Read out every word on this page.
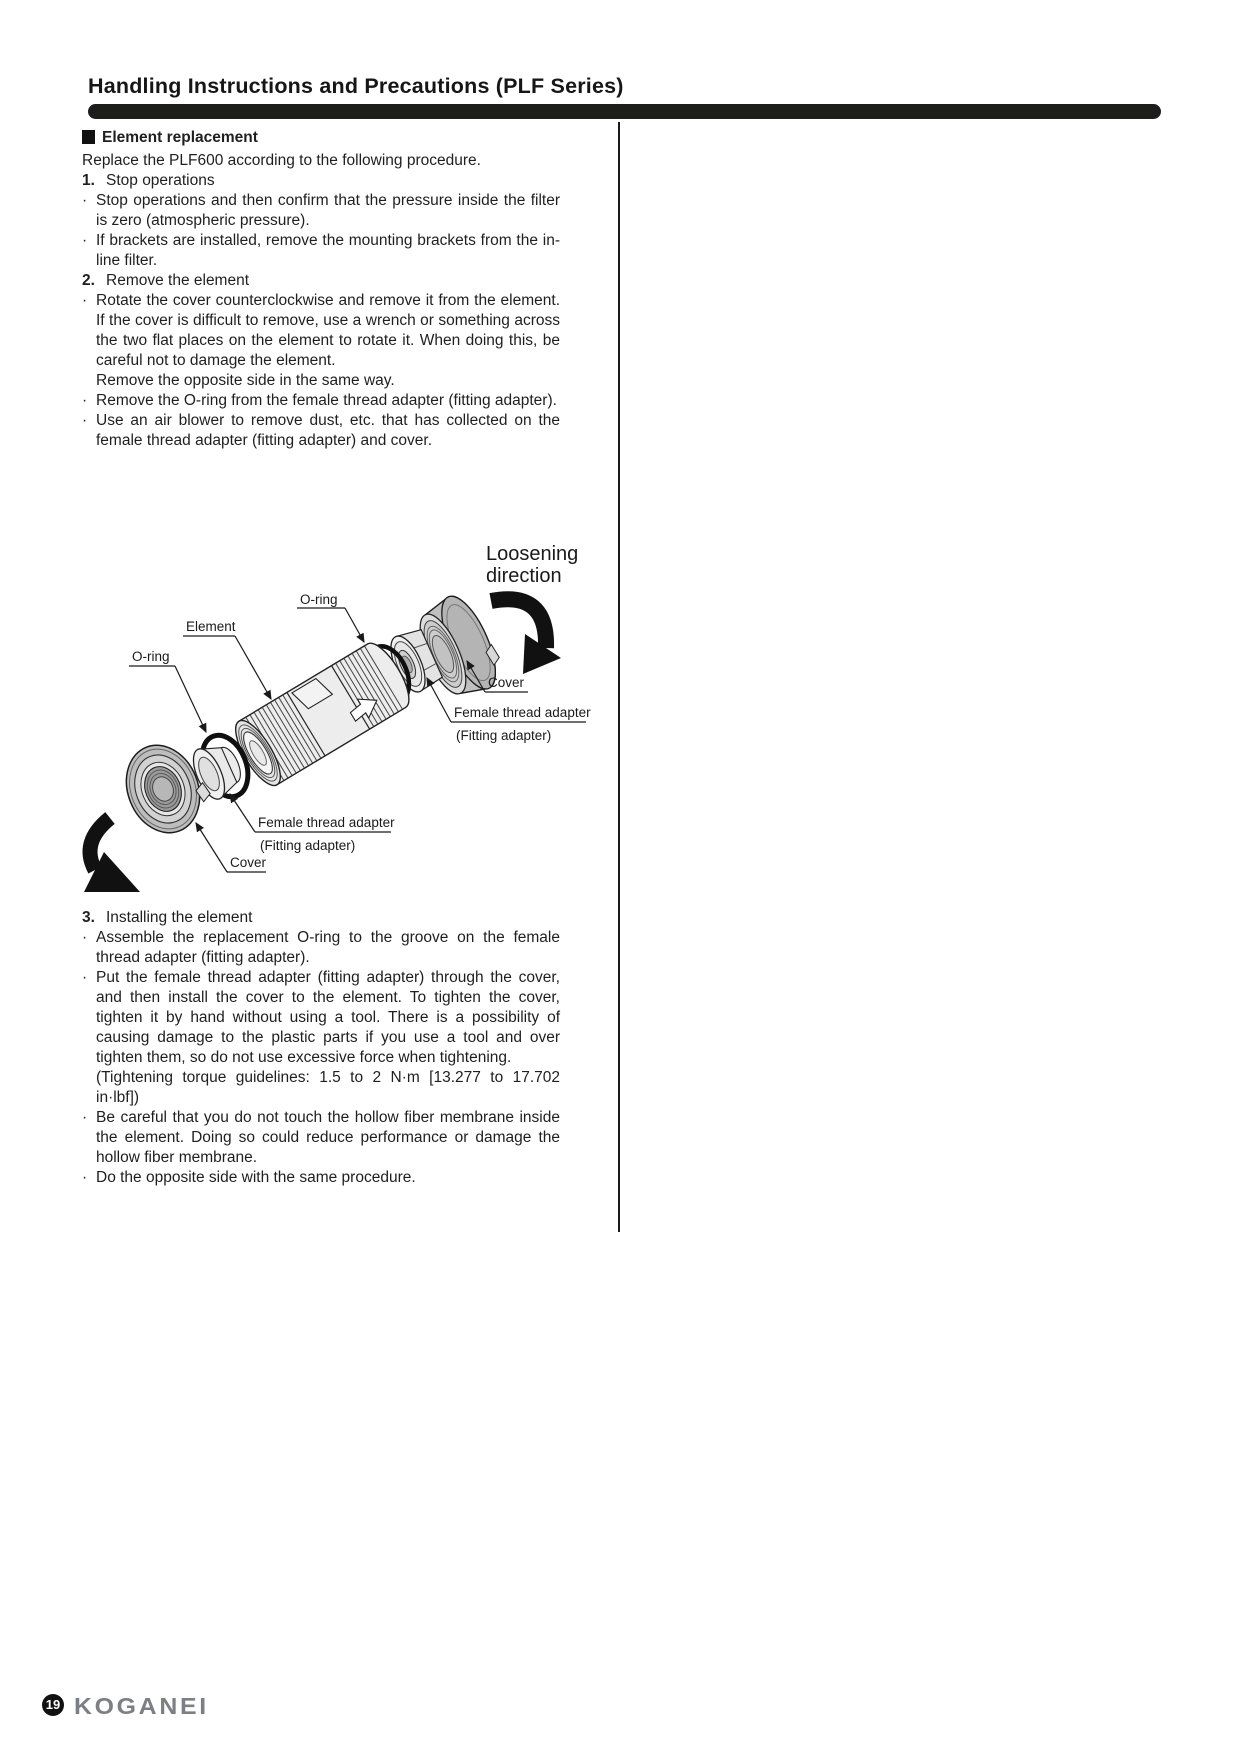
Handling Instructions and Precautions (PLF Series)
Element replacement
Replace the PLF600 according to the following procedure.
1. Stop operations
· Stop operations and then confirm that the pressure inside the filter is zero (atmospheric pressure).
· If brackets are installed, remove the mounting brackets from the in-line filter.
2. Remove the element
· Rotate the cover counterclockwise and remove it from the element. If the cover is difficult to remove, use a wrench or something across the two flat places on the element to rotate it. When doing this, be careful not to damage the element.
Remove the opposite side in the same way.
· Remove the O-ring from the female thread adapter (fitting adapter).
· Use an air blower to remove dust, etc. that has collected on the female thread adapter (fitting adapter) and cover.
Loosening
direction
O-ring
Element
O-ring
Cover
Female thread adapter
(Fitting adapter)
Female thread adapter
(Fitting adapter)
Cover
3. Installing the element
· Assemble the replacement O-ring to the groove on the female thread adapter (fitting adapter).
· Put the female thread adapter (fitting adapter) through the cover, and then install the cover to the element. To tighten the cover, tighten it by hand without using a tool. There is a possibility of causing damage to the plastic parts if you use a tool and over tighten them, so do not use excessive force when tightening.
(Tightening torque guidelines: 1.5 to 2 N·m [13.277 to 17.702 in·lbf])
· Be careful that you do not touch the hollow fiber membrane inside the element. Doing so could reduce performance or damage the hollow fiber membrane.
· Do the opposite side with the same procedure.
19 KOGANEI
